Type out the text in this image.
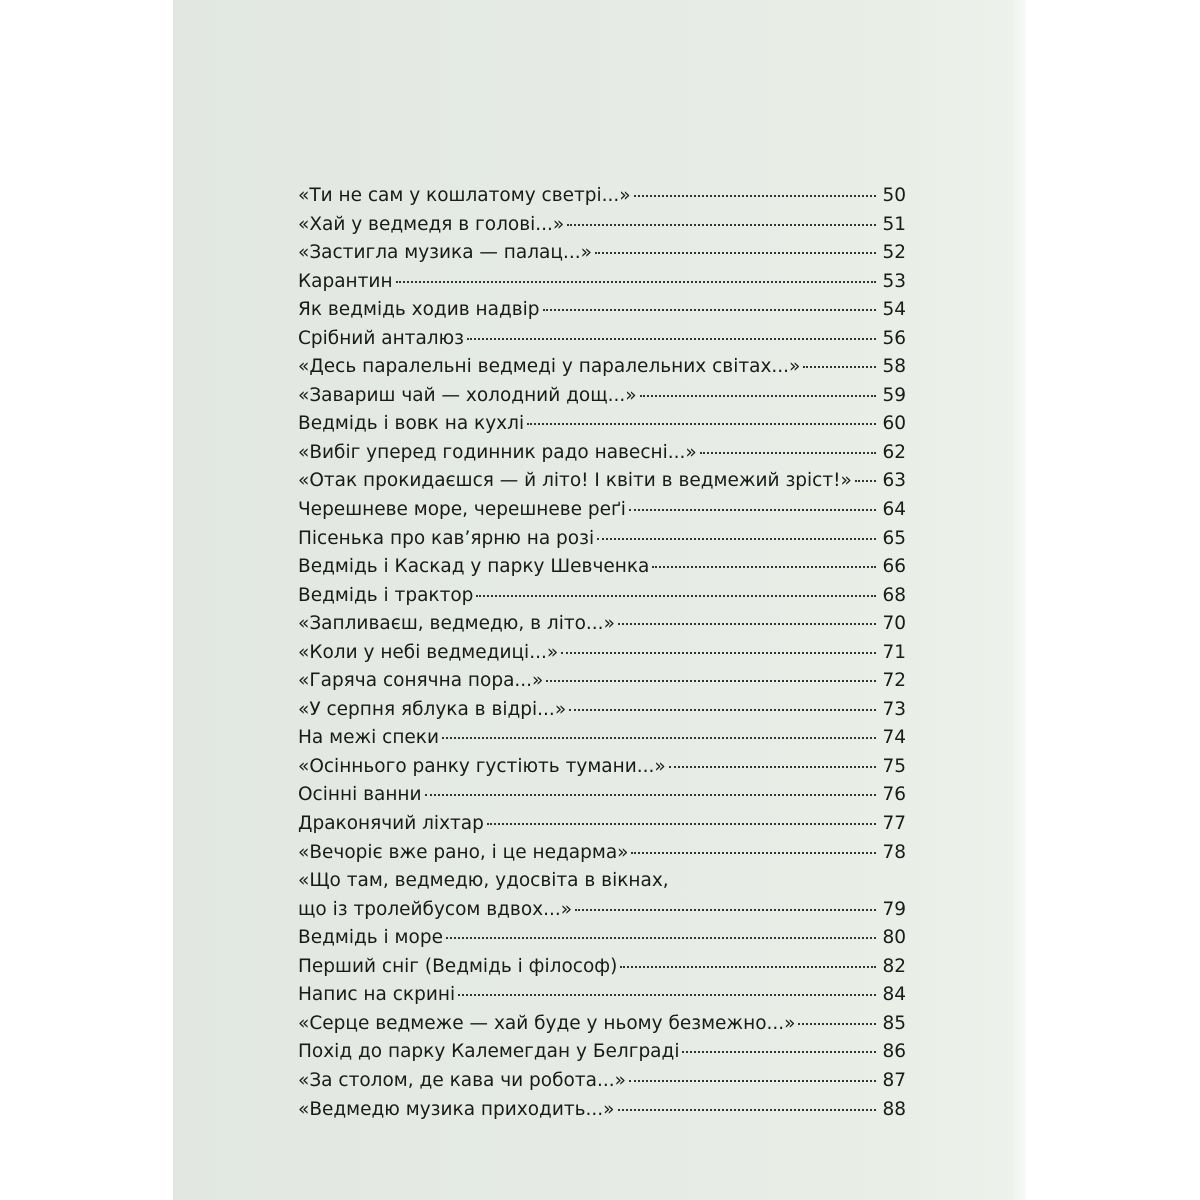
«Ти не сам у кошлатому светрі...»	50
«Хай у ведмедя в голові...»	51
«Застигла музика — палац...»	52
Карантин	53
Як ведмідь ходив надвір	54
Срібний анталюз	56
«Десь паралельні ведмеді у паралельних світах...»	58
«Завариш чай — холодний дощ...»	59
Ведмідь і вовк на кухлі	60
«Вибіг уперед годинник радо навесні...»	62
«Отак прокидаєшся — й літо! І квіти в ведмежий зріст!» 63
Черешневе море, черешневе реґі	64
Пісенька про кав’ярню на розі	65
Ведмідь і Каскад у парку Шевченка	66
Ведмідь і трактор	68
«Запливаєш, ведмедю, в літо...»	70
«Коли у небі ведмедиці...»	71
«Гаряча сонячна пора...»	72
«У серпня яблука в відрі...»	73
На межі спеки	74
«Осіннього ранку густіють тумани...»	75
Осінні ванни	76
Драконячий ліхтар	77
«Вечоріє вже рано, і це недарма»	78
«Що там, ведмедю, удосвіта в вікнах,
що із тролейбусом вдвох...»	79
Ведмідь і море	80
Перший сніг (Ведмідь і філософ)	82
Напис на скрині	84
«Серце ведмеже — хай буде у ньому безмежно...»	85
Похід до парку Калемегдан у Белграді	86
«За столом, де кава чи робота...»	87
«Ведмедю музика приходить...»	88
